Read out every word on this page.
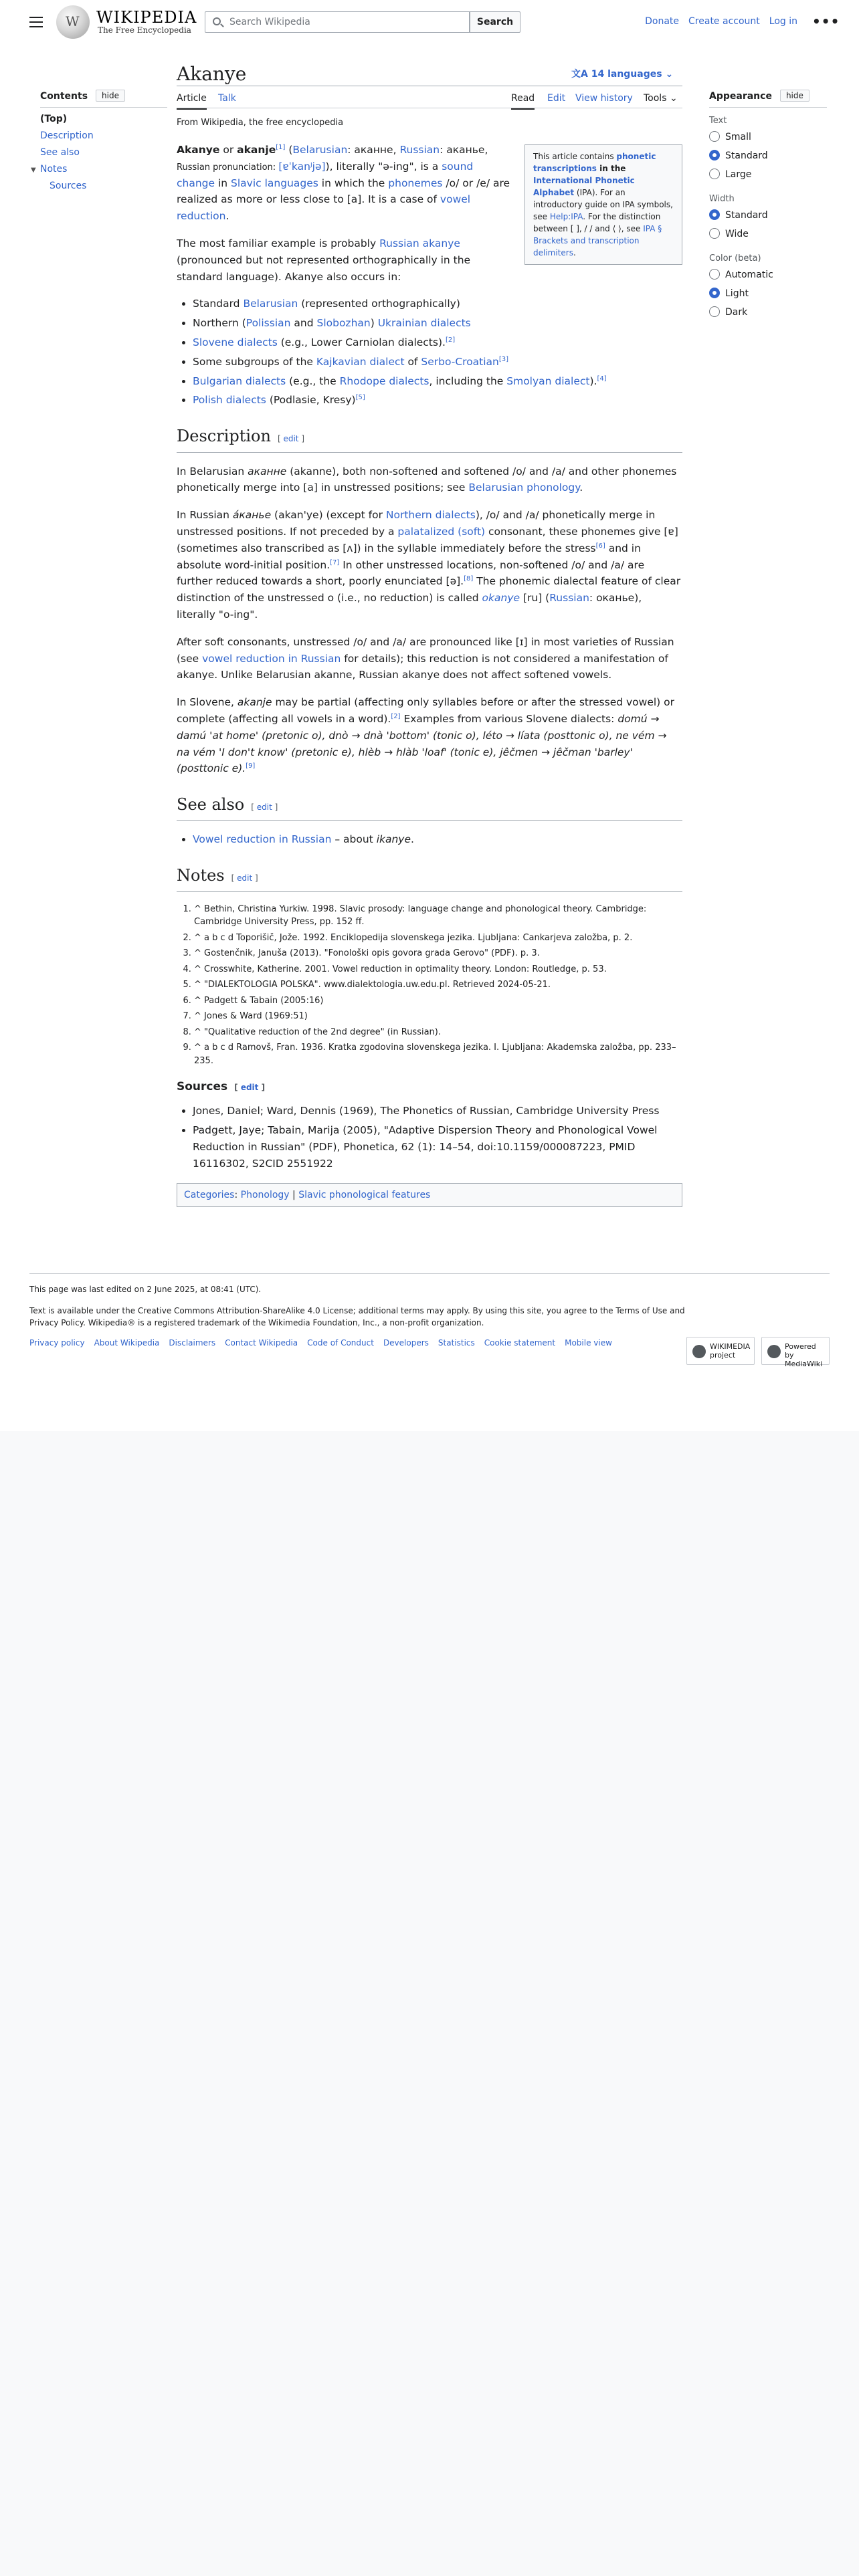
W
WIKIPEDIA
The Free Encyclopedia
Search Wikipedia	Search	Donate Create account Log in •••
Contents hide
(Top)
Description
See also
▼ Notes
Sources
Akanye	文A 14 languages ⌄
Article Talk	Read Edit View history Tools ⌄
From Wikipedia, the free encyclopedia
This article contains phonetic transcriptions in the International Phonetic Alphabet (IPA). For an introductory guide on IPA symbols, see Help:IPA. For the distinction between [ ], / / and ⟨ ⟩, see IPA § Brackets and transcription delimiters.

Akanye or akanje[1] (Belarusian: аканне, Russian: аканье,
Russian pronunciation: [ɐˈkanʲjə]), literally "ə-ing", is a sound change in Slavic languages in which the phonemes /o/ or /e/ are realized as more or less close to [a]. It is a case of vowel reduction.

The most familiar example is probably Russian akanye (pronounced but not represented orthographically in the standard language). Akanye also occurs in:

• Standard Belarusian (represented orthographically)
• Northern (Polissian and Slobozhan) Ukrainian dialects
• Slovene dialects (e.g., Lower Carniolan dialects).[2]
• Some subgroups of the Kajkavian dialect of Serbo-Croatian[3]
• Bulgarian dialects (e.g., the Rhodope dialects, including the Smolyan dialect).[4]
• Polish dialects (Podlasie, Kresy)[5]
Description [ edit ]

In Belarusian аканне (akanne), both non-softened and softened /o/ and /a/ and other phonemes phonetically merge into [a] in unstressed positions; see Belarusian phonology.

In Russian áканье (akan'ye) (except for Northern dialects), /o/ and /a/ phonetically merge in unstressed positions. If not preceded by a palatalized (soft) consonant, these phonemes give [ɐ] (sometimes also transcribed as [ʌ]) in the syllable immediately before the stress[6] and in absolute word-initial position.[7] In other unstressed locations, non-softened /o/ and /a/ are further reduced towards a short, poorly enunciated [ə].[8] The phonemic dialectal feature of clear distinction of the unstressed o (i.e., no reduction) is called okanye [ru] (Russian: оканье), literally "o-ing".

After soft consonants, unstressed /o/ and /a/ are pronounced like [ɪ] in most varieties of Russian (see vowel reduction in Russian for details); this reduction is not considered a manifestation of akanye. Unlike Belarusian akanne, Russian akanye does not affect softened vowels.

In Slovene, akanje may be partial (affecting only syllables before or after the stressed vowel) or complete (affecting all vowels in a word).[2] Examples from various Slovene dialects: domú → damú 'at home' (pretonic o), dnò → dnà 'bottom' (tonic o), léto → líata (posttonic o), ne vém → na vém 'I don't know' (pretonic e), hlèb → hlàb 'loaf' (tonic e), jêčmen → jêčman 'barley' (posttonic e).[9]

See also [ edit ]
• Vowel reduction in Russian – about ikanye.
Notes [ edit ]
1. ^ Bethin, Christina Yurkiw. 1998. Slavic prosody: language change and phonological theory. Cambridge: Cambridge University Press, pp. 152 ff.
2. ^ a b c d Toporišič, Jože. 1992. Enciklopedija slovenskega jezika. Ljubljana: Cankarjeva založba, p. 2.
3. ^ Gostenčnik, Januša (2013). "Fonološki opis govora grada Gerovo" (PDF). p. 3.
4. ^ Crosswhite, Katherine. 2001. Vowel reduction in optimality theory. London: Routledge, p. 53.
5. ^ "DIALEKTOLOGIA POLSKA". www.dialektologia.uw.edu.pl. Retrieved 2024-05-21.
6. ^ Padgett & Tabain (2005:16)
7. ^ Jones & Ward (1969:51)
8. ^ "Qualitative reduction of the 2nd degree" (in Russian).
9. ^ a b c d Ramovš, Fran. 1936. Kratka zgodovina slovenskega jezika. I. Ljubljana: Akademska založba, pp. 233–235.
Sources [ edit ]
• Jones, Daniel; Ward, Dennis (1969), The Phonetics of Russian, Cambridge University Press
• Padgett, Jaye; Tabain, Marija (2005), "Adaptive Dispersion Theory and Phonological Vowel Reduction in Russian" (PDF), Phonetica, 62 (1): 14–54, doi:10.1159/000087223, PMID 16116302, S2CID 2551922
Categories: Phonology | Slavic phonological features
Appearance hide
Text
Small
Standard
Large
Width
Standard
Wide
Color (beta)
Automatic
Light
Dark
This page was last edited on 2 June 2025, at 08:41 (UTC).
Text is available under the Creative Commons Attribution-ShareAlike 4.0 License; additional terms may apply. By using this site, you agree to the Terms of Use and Privacy Policy. Wikipedia® is a registered trademark of the Wikimedia Foundation, Inc., a non-profit organization.
Privacy policy About Wikipedia Disclaimers Contact Wikipedia Code of Conduct Developers Statistics Cookie statement Mobile view	WIKIMEDIA project
Powered by MediaWiki
